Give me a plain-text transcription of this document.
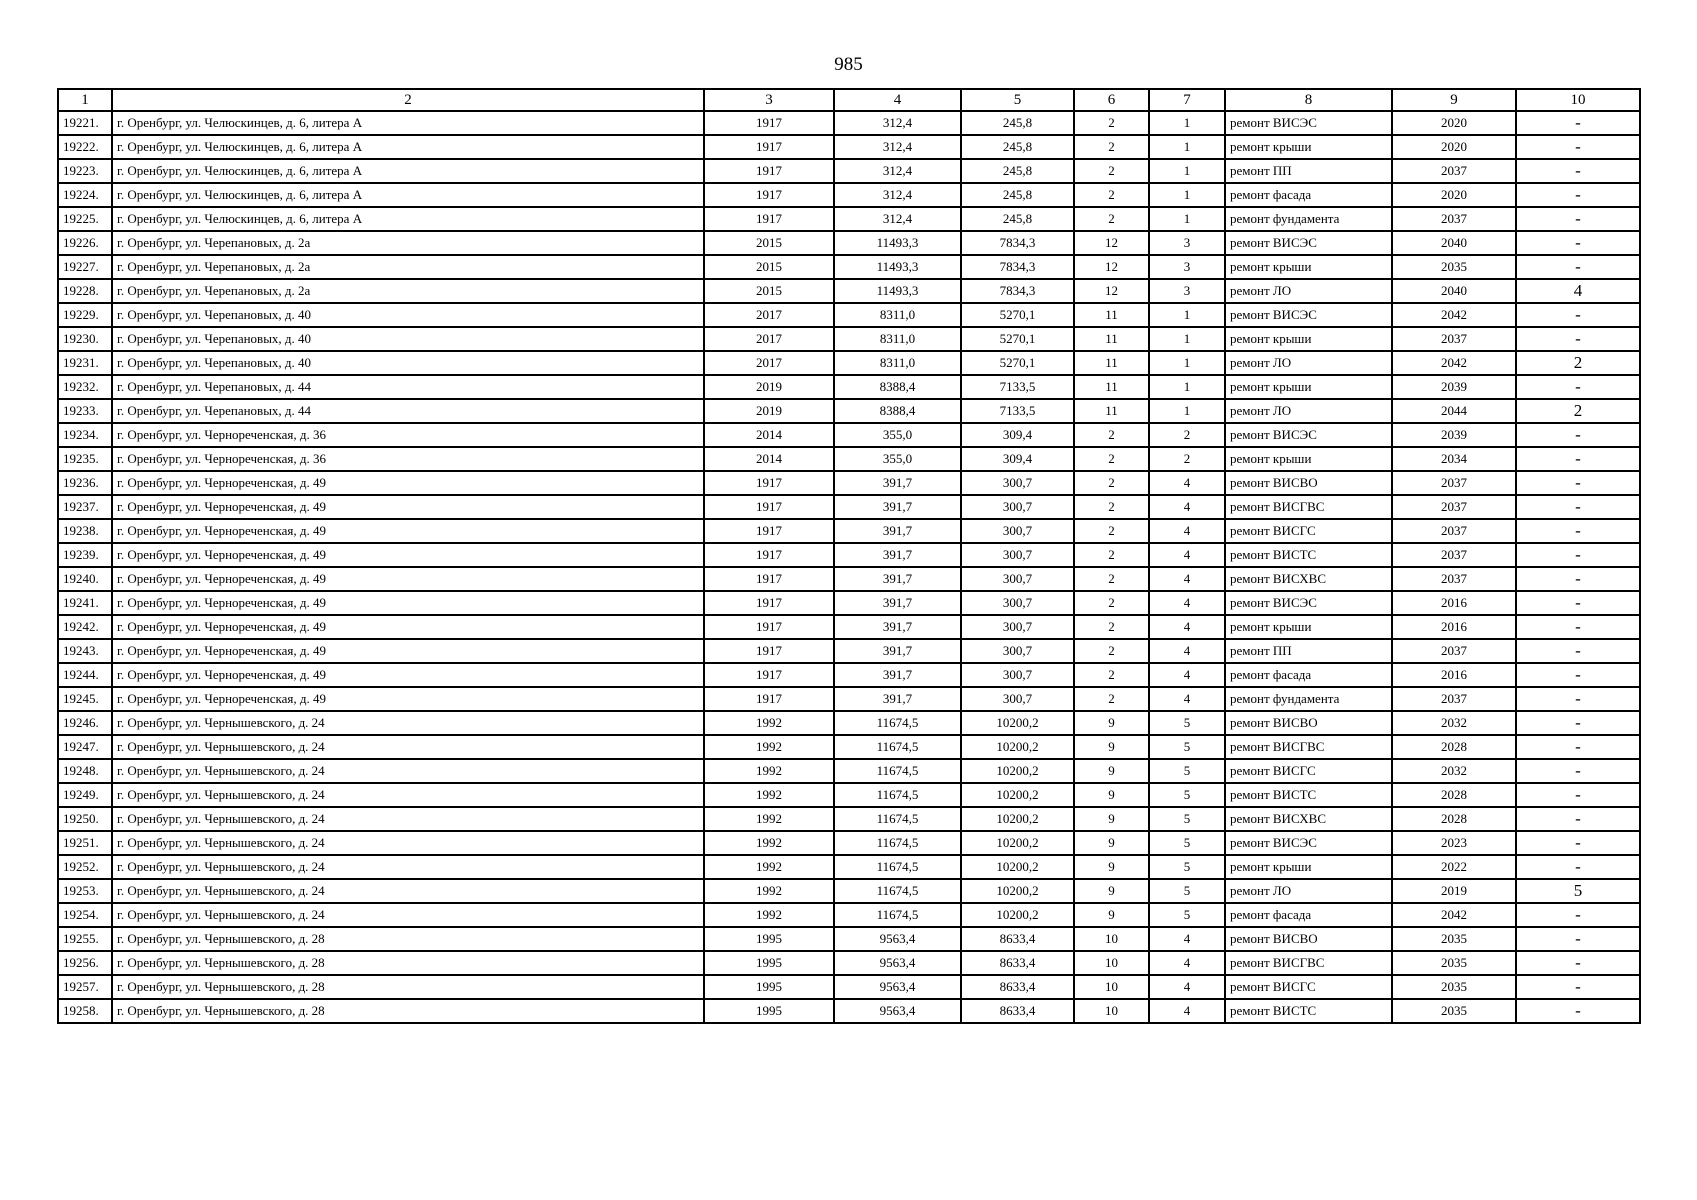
985
1	2	3	4	5	6	7	8	9	10
19221.	г. Оренбург, ул. Челюскинцев, д. 6, литера А	1917	312,4	245,8	2	1	ремонт ВИСЭС	2020	-
19222.	г. Оренбург, ул. Челюскинцев, д. 6, литера А	1917	312,4	245,8	2	1	ремонт крыши	2020	-
19223.	г. Оренбург, ул. Челюскинцев, д. 6, литера А	1917	312,4	245,8	2	1	ремонт ПП	2037	-
19224.	г. Оренбург, ул. Челюскинцев, д. 6, литера А	1917	312,4	245,8	2	1	ремонт фасада	2020	-
19225.	г. Оренбург, ул. Челюскинцев, д. 6, литера А	1917	312,4	245,8	2	1	ремонт фундамента	2037	-
19226.	г. Оренбург, ул. Черепановых, д. 2а	2015	11493,3	7834,3	12	3	ремонт ВИСЭС	2040	-
19227.	г. Оренбург, ул. Черепановых, д. 2а	2015	11493,3	7834,3	12	3	ремонт крыши	2035	-
19228.	г. Оренбург, ул. Черепановых, д. 2а	2015	11493,3	7834,3	12	3	ремонт ЛО	2040	4
19229.	г. Оренбург, ул. Черепановых, д. 40	2017	8311,0	5270,1	11	1	ремонт ВИСЭС	2042	-
19230.	г. Оренбург, ул. Черепановых, д. 40	2017	8311,0	5270,1	11	1	ремонт крыши	2037	-
19231.	г. Оренбург, ул. Черепановых, д. 40	2017	8311,0	5270,1	11	1	ремонт ЛО	2042	2
19232.	г. Оренбург, ул. Черепановых, д. 44	2019	8388,4	7133,5	11	1	ремонт крыши	2039	-
19233.	г. Оренбург, ул. Черепановых, д. 44	2019	8388,4	7133,5	11	1	ремонт ЛО	2044	2
19234.	г. Оренбург, ул. Черноречeнская, д. 36	2014	355,0	309,4	2	2	ремонт ВИСЭС	2039	-
19235.	г. Оренбург, ул. Черноречeнская, д. 36	2014	355,0	309,4	2	2	ремонт крыши	2034	-
19236.	г. Оренбург, ул. Черноречeнская, д. 49	1917	391,7	300,7	2	4	ремонт ВИСВО	2037	-
19237.	г. Оренбург, ул. Черноречeнская, д. 49	1917	391,7	300,7	2	4	ремонт ВИСГВС	2037	-
19238.	г. Оренбург, ул. Черноречeнская, д. 49	1917	391,7	300,7	2	4	ремонт ВИСГС	2037	-
19239.	г. Оренбург, ул. Черноречeнская, д. 49	1917	391,7	300,7	2	4	ремонт ВИСТС	2037	-
19240.	г. Оренбург, ул. Черноречeнская, д. 49	1917	391,7	300,7	2	4	ремонт ВИСХВС	2037	-
19241.	г. Оренбург, ул. Черноречeнская, д. 49	1917	391,7	300,7	2	4	ремонт ВИСЭС	2016	-
19242.	г. Оренбург, ул. Черноречeнская, д. 49	1917	391,7	300,7	2	4	ремонт крыши	2016	-
19243.	г. Оренбург, ул. Черноречeнская, д. 49	1917	391,7	300,7	2	4	ремонт ПП	2037	-
19244.	г. Оренбург, ул. Черноречeнская, д. 49	1917	391,7	300,7	2	4	ремонт фасада	2016	-
19245.	г. Оренбург, ул. Черноречeнская, д. 49	1917	391,7	300,7	2	4	ремонт фундамента	2037	-
19246.	г. Оренбург, ул. Чернышевского, д. 24	1992	11674,5	10200,2	9	5	ремонт ВИСВО	2032	-
19247.	г. Оренбург, ул. Чернышевского, д. 24	1992	11674,5	10200,2	9	5	ремонт ВИСГВС	2028	-
19248.	г. Оренбург, ул. Чернышевского, д. 24	1992	11674,5	10200,2	9	5	ремонт ВИСГС	2032	-
19249.	г. Оренбург, ул. Чернышевского, д. 24	1992	11674,5	10200,2	9	5	ремонт ВИСТС	2028	-
19250.	г. Оренбург, ул. Чернышевского, д. 24	1992	11674,5	10200,2	9	5	ремонт ВИСХВС	2028	-
19251.	г. Оренбург, ул. Чернышевского, д. 24	1992	11674,5	10200,2	9	5	ремонт ВИСЭС	2023	-
19252.	г. Оренбург, ул. Чернышевского, д. 24	1992	11674,5	10200,2	9	5	ремонт крыши	2022	-
19253.	г. Оренбург, ул. Чернышевского, д. 24	1992	11674,5	10200,2	9	5	ремонт ЛО	2019	5
19254.	г. Оренбург, ул. Чернышевского, д. 24	1992	11674,5	10200,2	9	5	ремонт фасада	2042	-
19255.	г. Оренбург, ул. Чернышевского, д. 28	1995	9563,4	8633,4	10	4	ремонт ВИСВО	2035	-
19256.	г. Оренбург, ул. Чернышевского, д. 28	1995	9563,4	8633,4	10	4	ремонт ВИСГВС	2035	-
19257.	г. Оренбург, ул. Чернышевского, д. 28	1995	9563,4	8633,4	10	4	ремонт ВИСГС	2035	-
19258.	г. Оренбург, ул. Чернышевского, д. 28	1995	9563,4	8633,4	10	4	ремонт ВИСТС	2035	-
